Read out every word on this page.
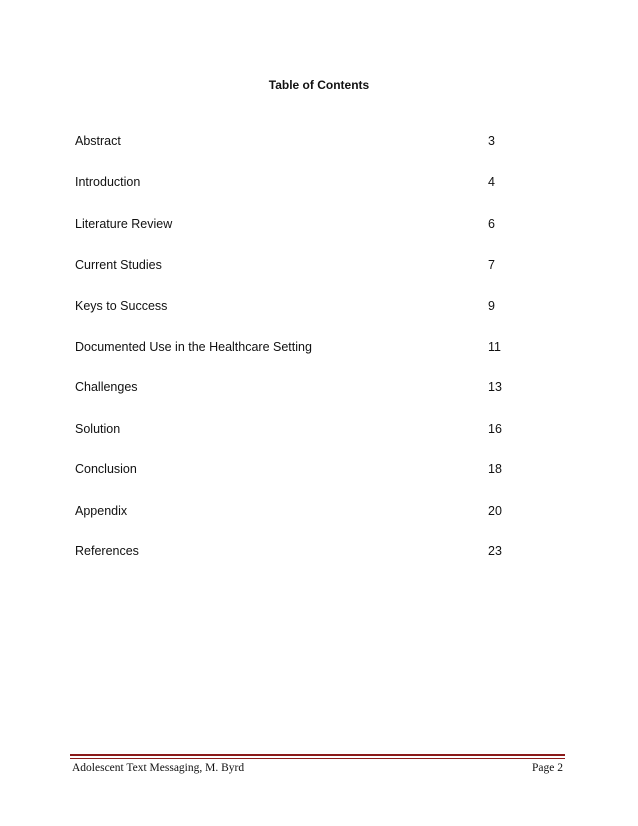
Table of Contents
Abstract	3
Introduction	4
Literature Review	6
Current Studies	7
Keys to Success	9
Documented Use in the Healthcare Setting	11
Challenges	13
Solution	16
Conclusion	18
Appendix	20
References	23
Adolescent Text Messaging, M. Byrd	Page 2
